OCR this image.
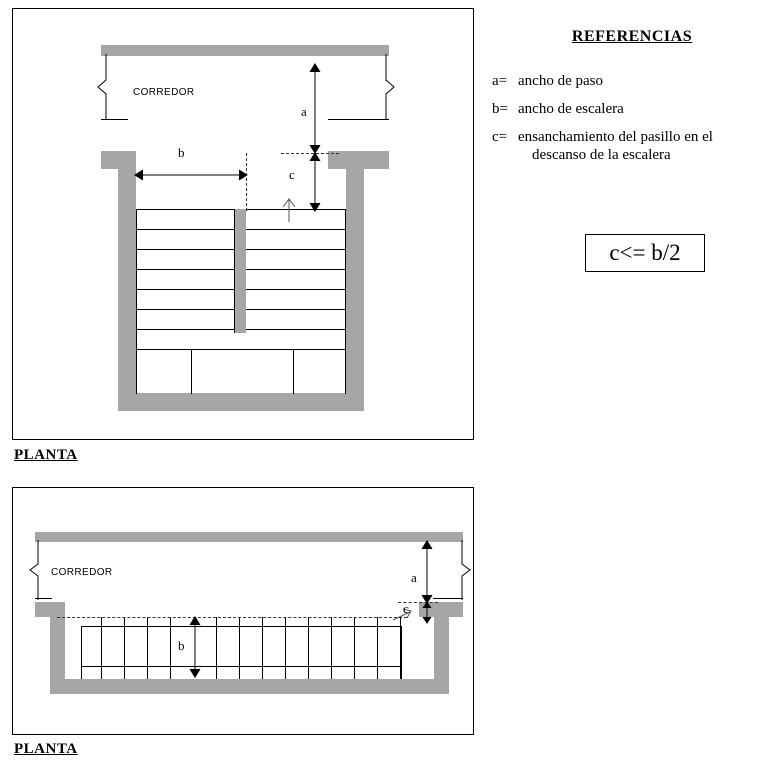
CORREDOR
b
a
c
PLANTA
CORREDOR
b
a
c
PLANTA
REFERENCIAS
a= ancho de paso
b= ancho de escalera
c= ensanchamiento del pasillo en el
descanso de la escalera
c<= b/2
